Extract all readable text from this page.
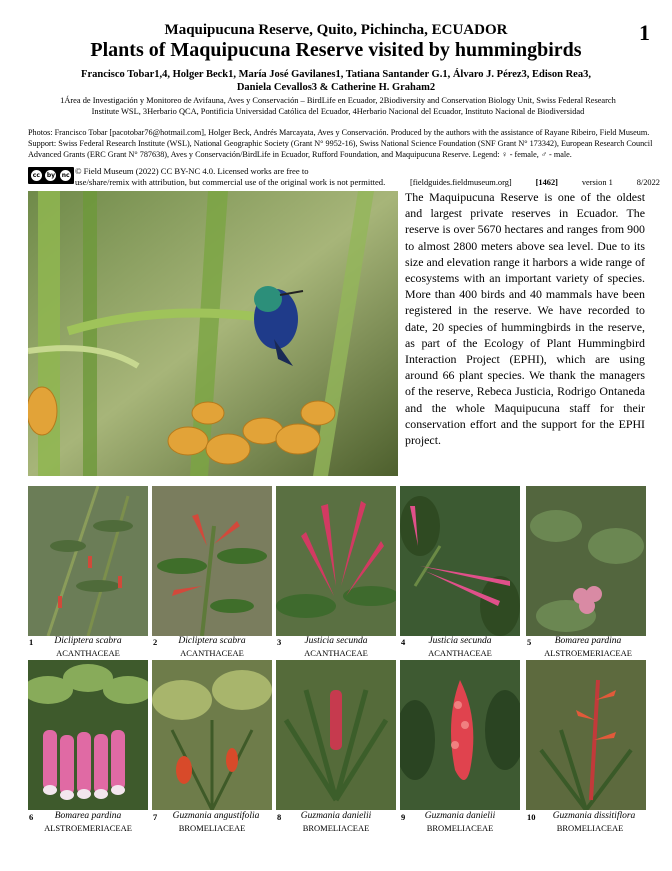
1
Maquipucuna Reserve, Quito, Pichincha, ECUADOR
Plants of Maquipucuna Reserve visited by hummingbirds
Francisco Tobar1,4, Holger Beck1, María José Gavilanes1, Tatiana Santander G.1, Álvaro J. Pérez3, Edison Rea3,
Daniela Cevallos3 & Catherine H. Graham2
1Área de Investigación y Monitoreo de Avifauna, Aves y Conservación – BirdLife en Ecuador, 2Biodiversity and Conservation Biology Unit, Swiss Federal Research
Institute WSL, 3Herbario QCA, Pontificia Universidad Católica del Ecuador, 4Herbario Nacional del Ecuador, Instituto Nacional de Biodiversidad
Photos: Francisco Tobar [pacotobar76@hotmail.com], Holger Beck, Andrés Marcayata, Aves y Conservación. Produced by the authors with the assistance of Rayane Ribeiro, Field Museum. Support: Swiss Federal Research Institute (WSL), National Geographic Society (Grant N° 9952-16), Swiss National Science Foundation (SNF Grant N° 173342), European Research Council Advanced Grants (ERC Grant N° 787638), Aves y Conservación/BirdLife in Ecuador, Rufford Foundation, and Maquipucuna Reserve. Legend: ♀ - female, ♂ - male.
cc	by nc © Field Museum (2022) CC BY-NC 4.0. Licensed works are free to
use/share/remix with attribution, but commercial use of the original work is not permitted.	[fieldguides.fieldmuseum.org]	[1462]	version 1	8/2022
The Maquipucuna Reserve is one of the oldest and largest private reserves in Ecuador. The reserve is over 5670 hectares and ranges from 900 to almost 2800 meters above sea level. Due to its size and elevation range it harbors a wide range of ecosystems with an important variety of species. More than 400 birds and 40 mammals have been registered in the reserve. We have recorded to date, 20 species of hummingbirds in the reserve, as part of the Ecology of Plant Hummingbird Interaction Project (EPHI), which are using around 66 plant species. We thank the managers of the reserve, Rebeca Justicia, Rodrigo Ontaneda and the whole Maquipucuna staff for their conservation effort and the support for the EPHI project.
1	Dicliptera scabra
ACANTHACEAE
2	Dicliptera scabra
ACANTHACEAE
3	Justicia secunda
ACANTHACEAE
4	Justicia secunda
ACANTHACEAE
5	Bomarea pardina
ALSTROEMERIACEAE
6	Bomarea pardina
ALSTROEMERIACEAE
7	Guzmania angustifolia
BROMELIACEAE
8	Guzmania danielii
BROMELIACEAE
9	Guzmania danielii
BROMELIACEAE
10	Guzmania dissitiflora
BROMELIACEAE
